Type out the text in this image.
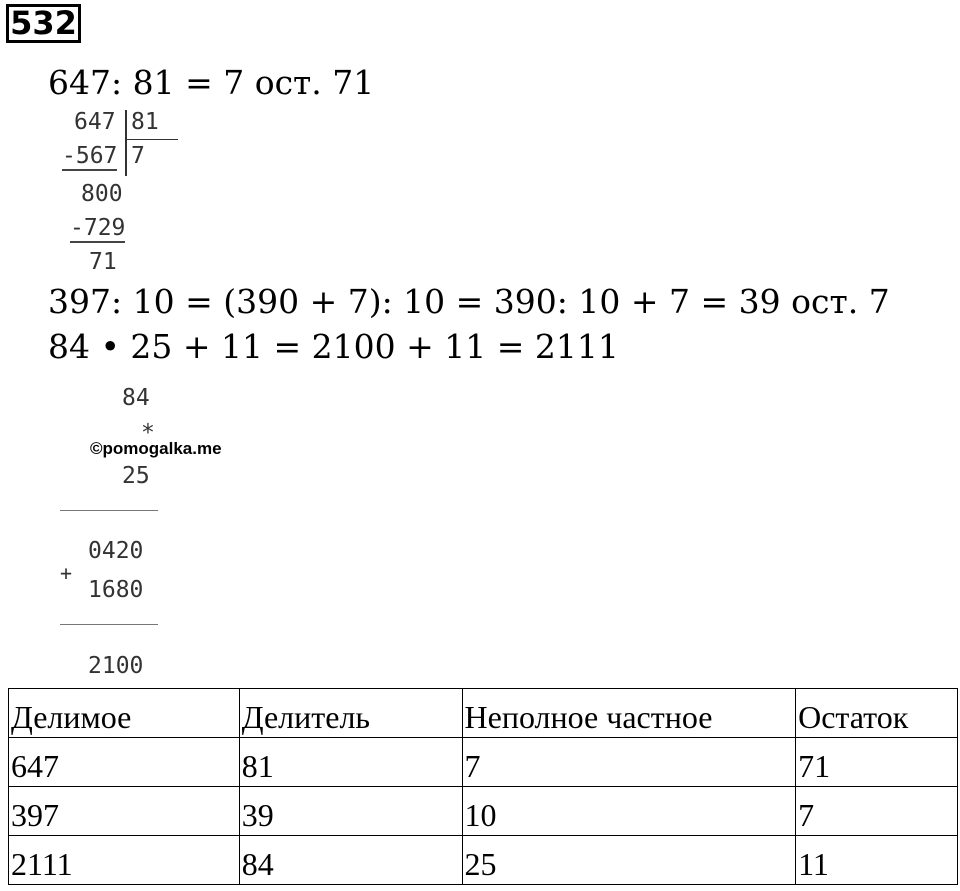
532
647: 81 = 7 ост. 71
647 81
-567 7
800
-729
71
397: 10 = (390 + 7): 10 = 390: 10 + 7 = 39 ост. 7
84 • 25 + 11 = 2100 + 11 = 2111
84
*
25
0420
+
1680
2100
©pomogalka.me
Делимое	Делитель	Неполное частное	Остаток
647	81	7	71
397	39	10	7
2111	84	25	11
